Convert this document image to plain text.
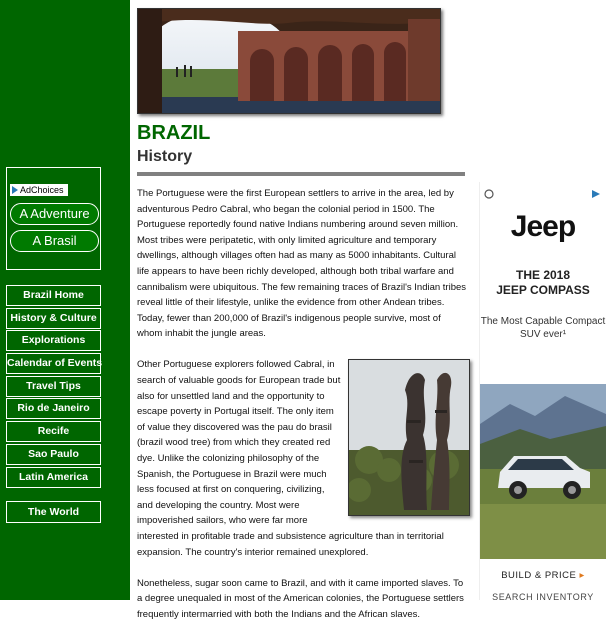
AdChoices
A Adventure
A Brasil
Brazil Home
History & Culture
Explorations
Calendar of Events
Travel Tips
Rio de Janeiro
Recife
Sao Paulo
Latin America
The World
BRAZIL
History

The Portuguese were the first European settlers to arrive in the area, led by adventurous Pedro Cabral, who began the colonial period in 1500. The Portuguese reportedly found native Indians numbering around seven million. Most tribes were peripatetic, with only limited agriculture and temporary dwellings, although villages often had as many as 5000 inhabitants. Cultural life appears to have been richly developed, although both tribal warfare and cannibalism were ubiquitous. The few remaining traces of Brazil's Indian tribes reveal little of their lifestyle, unlike the evidence from other Andean tribes. Today, fewer than 200,000 of Brazil's indigenous people survive, most of whom inhabit the jungle areas.

Other Portuguese explorers followed Cabral, in search of valuable goods for European trade but also for unsettled land and the opportunity to escape poverty in Portugal itself. The only item of value they discovered was the pau do brasil (brazil wood tree) from which they created red dye. Unlike the colonizing philosophy of the Spanish, the Portuguese in Brazil were much less focused at first on conquering, civilizing, and developing the country. Most were impoverished sailors, who were far more interested in profitable trade and subsistence agriculture than in territorial expansion. The country's interior remained unexplored.

Nonetheless, sugar soon came to Brazil, and with it came imported slaves. To a degree unequaled in most of the American colonies, the Portuguese settlers frequently intermarried with both the Indians and the African slaves.

Jeep
THE 2018
JEEP COMPASS
The Most Capable Compact SUV ever¹
BUILD & PRICE ▸
SEARCH INVENTORY
